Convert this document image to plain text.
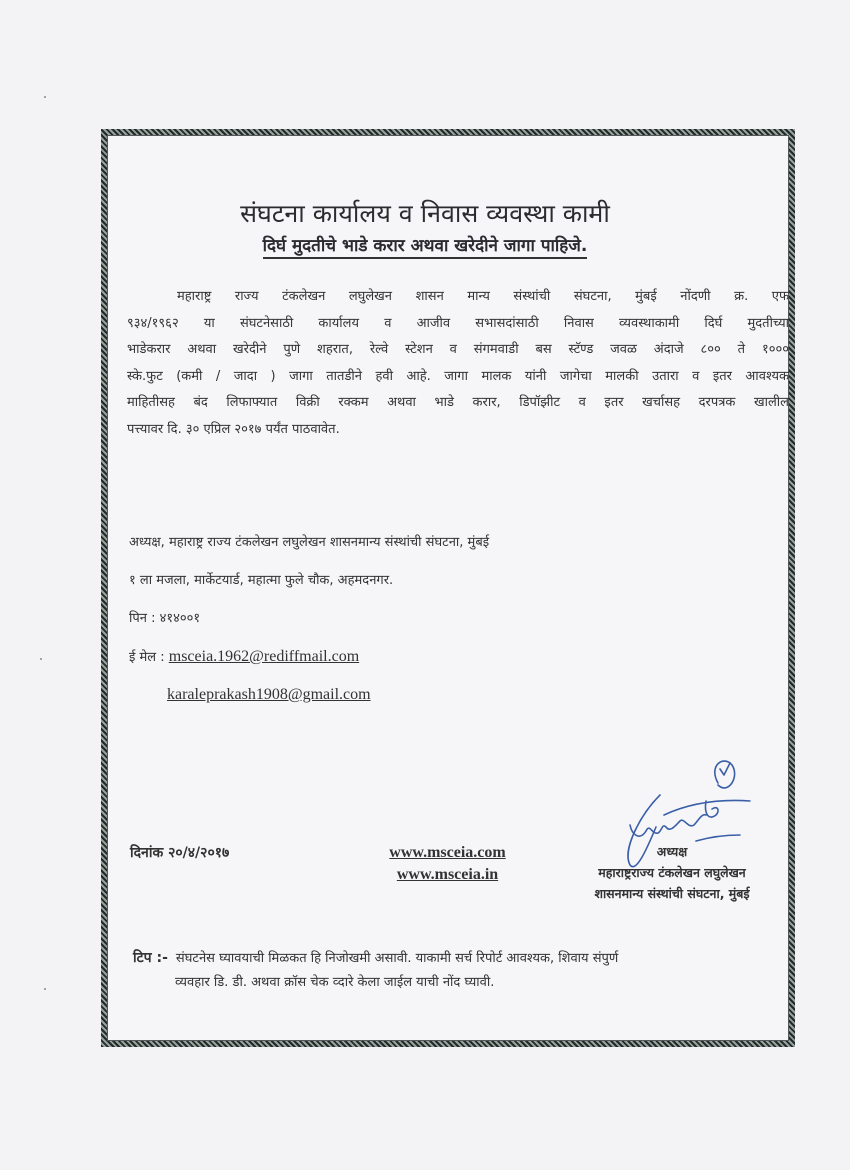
संघटना कार्यालय व निवास व्यवस्था कामी
दिर्घ मुदतीचे भाडे करार अथवा खरेदीने जागा पाहिजे.
महाराष्ट्र राज्य टंकलेखन लघुलेखन शासन मान्य संस्थांची संघटना, मुंबई नोंदणी क्र. एफ
९३४/१९६२ या संघटनेसाठी कार्यालय व आजीव सभासदांसाठी निवास व्यवस्थाकामी दिर्घ मुदतीच्या
भाडेकरार अथवा खरेदीने पुणे शहरात, रेल्वे स्टेशन व संगमवाडी बस स्टॅण्ड जवळ अंदाजे ८०० ते १०००
स्के.फुट (कमी / जादा ) जागा तातडीने हवी आहे. जागा मालक यांनी जागेचा मालकी उतारा व इतर आवश्यक
माहितीसह बंद लिफाफ्यात विक्री रक्कम अथवा भाडे करार, डिपॉझीट व इतर खर्चासह दरपत्रक खालील
पत्त्यावर दि. ३० एप्रिल २०१७ पर्यंत पाठवावेत.
अध्यक्ष, महाराष्ट्र राज्य टंकलेखन लघुलेखन शासनमान्य संस्थांची संघटना, मुंबई
१ ला मजला, मार्केटयार्ड, महात्मा फुले चौक, अहमदनगर.
पिन : ४१४००१
ई मेल : msceia.1962@rediffmail.com
karaleprakash1908@gmail.com
दिनांक २०/४/२०१७	www.msceia.com
www.msceia.in
अध्यक्ष
महाराष्ट्रराज्य टंकलेखन लघुलेखन
शासनमान्य संस्थांची संघटना, मुंबई
टिप :- संघटनेस घ्यावयाची मिळकत हि निजोखमी असावी. याकामी सर्च रिपोर्ट आवश्यक, शिवाय संपुर्ण
व्यवहार डि. डी. अथवा क्रॉस चेक व्दारे केला जाईल याची नोंद घ्यावी.
